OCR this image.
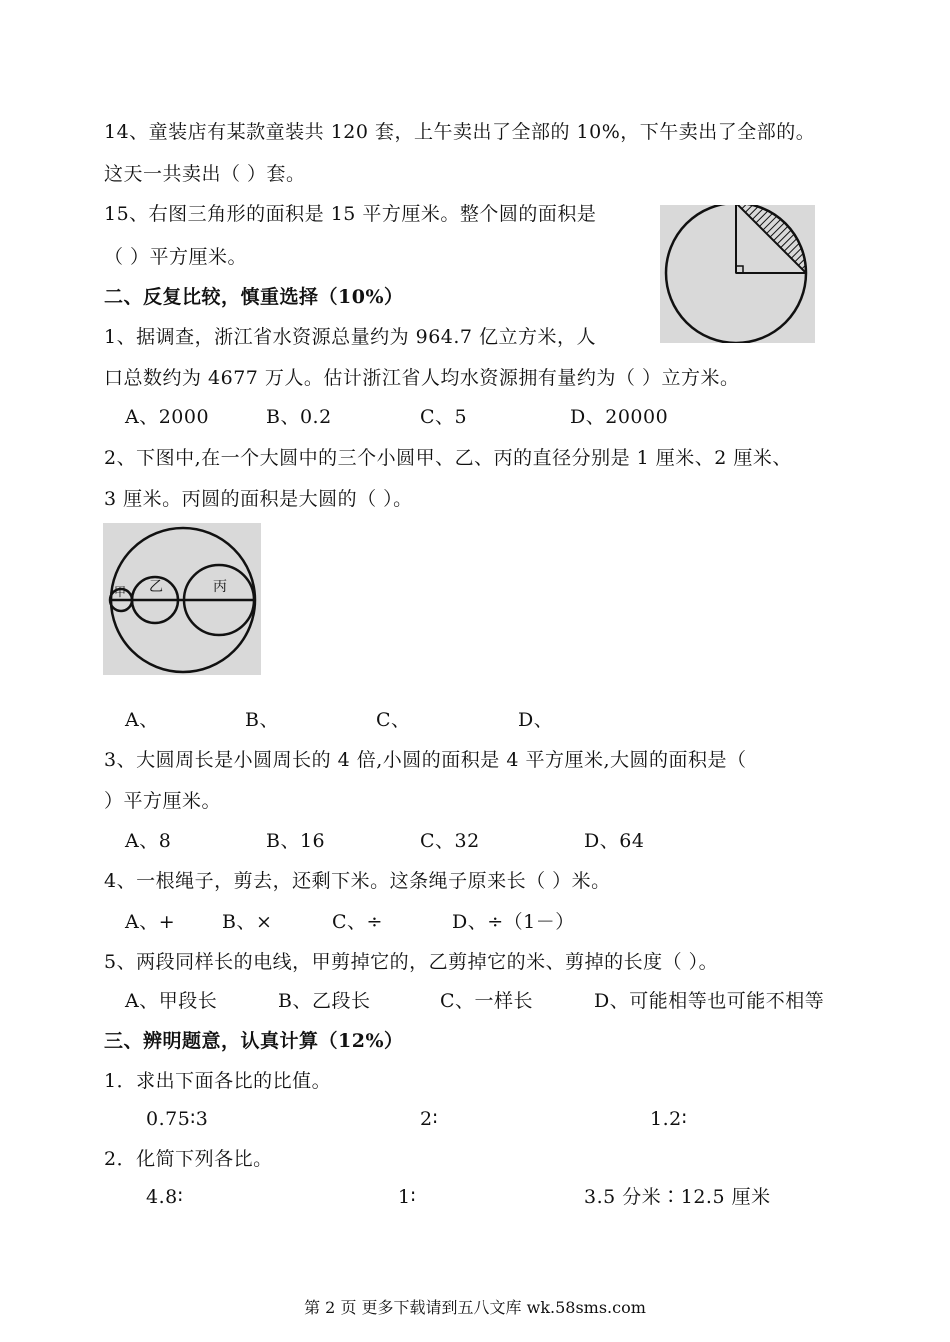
14、童装店有某款童装共 120 套，上午卖出了全部的 10%，下午卖出了全部的。
这天一共卖出（ ）套。
15、右图三角形的面积是 15 平方厘米。整个圆的面积是
（ ）平方厘米。
二、反复比较，慎重选择（10%）
1、据调查，浙江省水资源总量约为 964.7 亿立方米，人
口总数约为 4677 万人。估计浙江省人均水资源拥有量约为（ ）立方米。
A、2000	B、0.2	C、5	D、20000
2、下图中,在一个大圆中的三个小圆甲、乙、丙的直径分别是 1 厘米、2 厘米、
3 厘米。丙圆的面积是大圆的（ ）。
甲 乙	丙
A、	B、	C、	D、
3、大圆周长是小圆周长的 4 倍,小圆的面积是 4 平方厘米,大圆的面积是（
）平方厘米。
A、8	B、16	C、32	D、64
4、一根绳子，剪去，还剩下米。这条绳子原来长（ ）米。
A、+ B、×	C、÷	D、÷（1－）
5、两段同样长的电线，甲剪掉它的，乙剪掉它的米、剪掉的长度（ ）。
A、甲段长	B、乙段长	C、一样长	D、可能相等也可能不相等
三、辨明题意，认真计算（12%）
1．求出下面各比的比值。
0.75∶3	2∶	1.2∶
2．化简下列各比。
4.8∶	1∶	3.5 分米∶12.5 厘米
第 2 页 更多下载请到五八文库 wk.58sms.com
